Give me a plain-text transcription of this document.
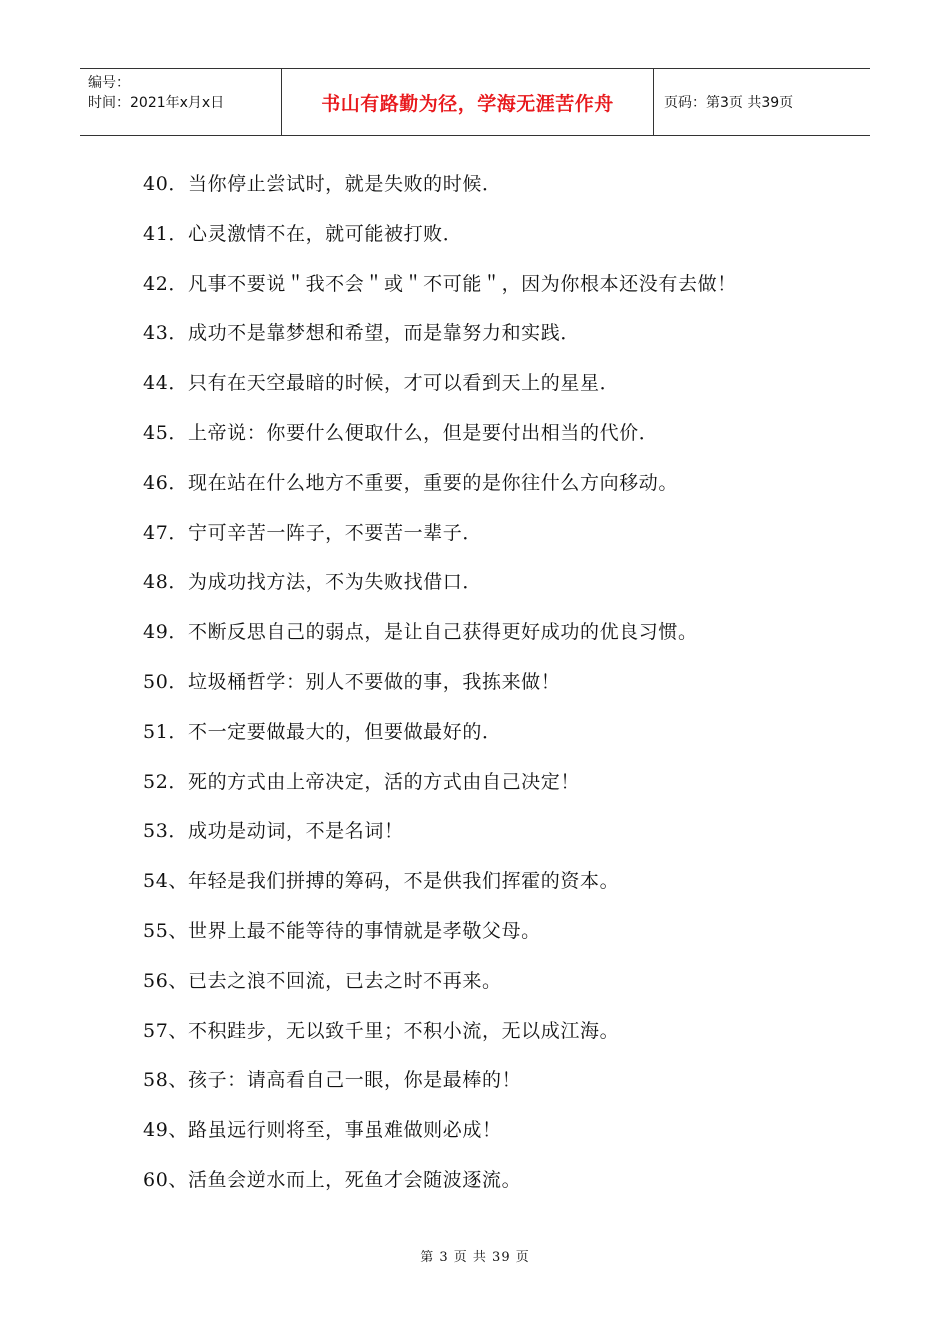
编号：
时间：2021年x月x日	书山有路勤为径，学海无涯苦作舟	页码：第3页 共39页
40．当你停止尝试时，就是失败的时候．
41．心灵激情不在，就可能被打败．
42．凡事不要说＂我不会＂或＂不可能＂，因为你根本还没有去做！
43．成功不是靠梦想和希望，而是靠努力和实践．
44．只有在天空最暗的时候，才可以看到天上的星星．
45．上帝说：你要什么便取什么，但是要付出相当的代价．
46．现在站在什么地方不重要，重要的是你往什么方向移动。
47．宁可辛苦一阵子，不要苦一辈子．
48．为成功找方法，不为失败找借口．
49．不断反思自己的弱点，是让自己获得更好成功的优良习惯。
50．垃圾桶哲学：别人不要做的事，我拣来做！
51．不一定要做最大的，但要做最好的．
52．死的方式由上帝决定，活的方式由自己决定！
53．成功是动词，不是名词！
54、年轻是我们拼搏的筹码，不是供我们挥霍的资本。
55、世界上最不能等待的事情就是孝敬父母。
56、已去之浪不回流，已去之时不再来。
57、不积跬步，无以致千里；不积小流，无以成江海。
58、孩子：请高看自己一眼，你是最棒的！
49、路虽远行则将至，事虽难做则必成！
60、活鱼会逆水而上，死鱼才会随波逐流。
第 3 页 共 39 页
